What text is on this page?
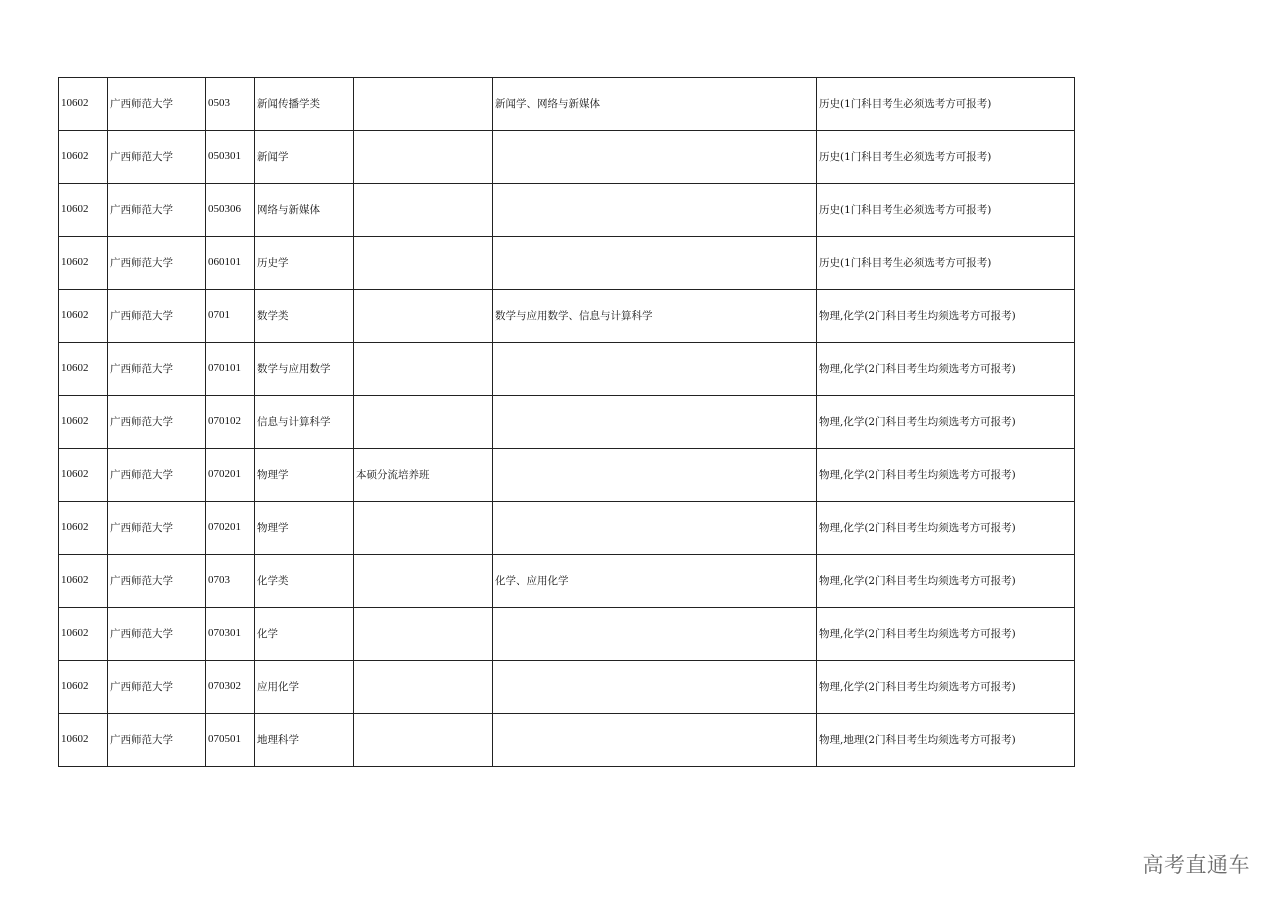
10602	广西师范大学	0503	新闻传播学类		新闻学、网络与新媒体	历史(1门科目考生必须选考方可报考)
10602	广西师范大学	050301	新闻学			历史(1门科目考生必须选考方可报考)
10602	广西师范大学	050306	网络与新媒体			历史(1门科目考生必须选考方可报考)
10602	广西师范大学	060101	历史学			历史(1门科目考生必须选考方可报考)
10602	广西师范大学	0701	数学类		数学与应用数学、信息与计算科学	物理,化学(2门科目考生均须选考方可报考)
10602	广西师范大学	070101	数学与应用数学			物理,化学(2门科目考生均须选考方可报考)
10602	广西师范大学	070102	信息与计算科学			物理,化学(2门科目考生均须选考方可报考)
10602	广西师范大学	070201	物理学	本硕分流培养班		物理,化学(2门科目考生均须选考方可报考)
10602	广西师范大学	070201	物理学			物理,化学(2门科目考生均须选考方可报考)
10602	广西师范大学	0703	化学类		化学、应用化学	物理,化学(2门科目考生均须选考方可报考)
10602	广西师范大学	070301	化学			物理,化学(2门科目考生均须选考方可报考)
10602	广西师范大学	070302	应用化学			物理,化学(2门科目考生均须选考方可报考)
10602	广西师范大学	070501	地理科学			物理,地理(2门科目考生均须选考方可报考)
高考直通车
